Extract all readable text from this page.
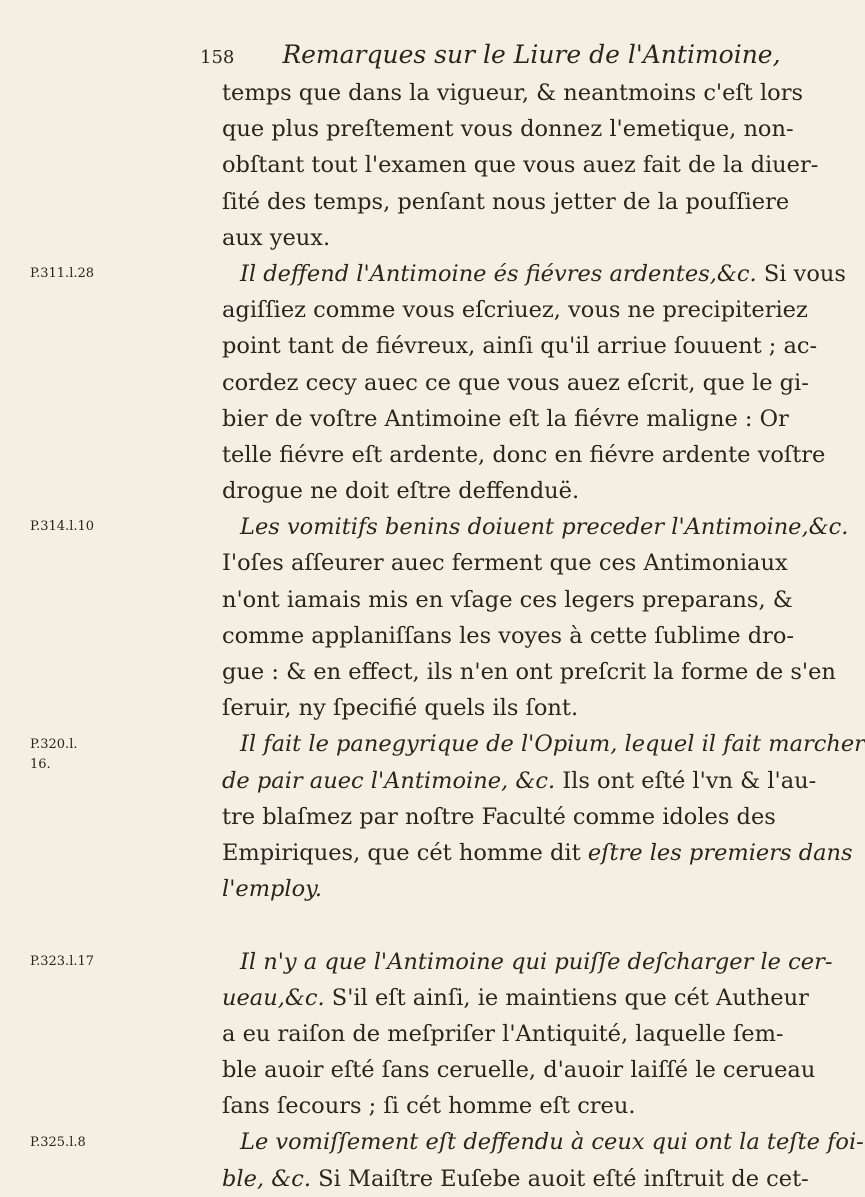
158 Remarques sur le Liure de l'Antimoine,
P.311.l.28
P.314.l.10
P.320.l.
16.
P.323.l.17
P.325.l.8
temps que dans la vigueur, & neantmoins c'eſt lors
que plus preſtement vous donnez l'emetique, non-
obſtant tout l'examen que vous auez fait de la diuer-
ſité des temps, penſant nous jetter de la pouſſiere
aux yeux.
Il deffend l'Antimoine és fiévres ardentes,&c. Si vous
agiſſiez comme vous eſcriuez, vous ne precipiteriez
point tant de fiévreux, ainſi qu'il arriue ſouuent ; ac-
cordez cecy auec ce que vous auez eſcrit, que le gi-
bier de voſtre Antimoine eſt la fiévre maligne : Or
telle fiévre eſt ardente, donc en fiévre ardente voſtre
drogue ne doit eſtre deffenduë.
Les vomitifs benins doiuent preceder l'Antimoine,&c.
I'oſes aſſeurer auec ferment que ces Antimoniaux
n'ont iamais mis en vſage ces legers preparans, &
comme applaniſſans les voyes à cette ſublime dro-
gue : & en effect, ils n'en ont preſcrit la forme de s'en
ſeruir, ny ſpecifié quels ils ſont.
Il fait le panegyrique de l'Opium, lequel il fait marcher
de pair auec l'Antimoine, &c. Ils ont eſté l'vn & l'au-
tre blaſmez par noſtre Faculté comme idoles des
Empiriques, que cét homme dit eſtre les premiers dans
l'employ.
Il n'y a que l'Antimoine qui puiſſe deſcharger le cer-
ueau,&c. S'il eſt ainſi, ie maintiens que cét Autheur
a eu raiſon de meſpriſer l'Antiquité, laquelle ſem-
ble auoir eſté ſans ceruelle, d'auoir laiſſé le cerueau
ſans ſecours ; ſi cét homme eſt creu.
Le vomiſſement eſt deffendu à ceux qui ont la teſte foi-
ble, &c. Si Maiſtre Euſebe auoit eſté inſtruit de cet-
